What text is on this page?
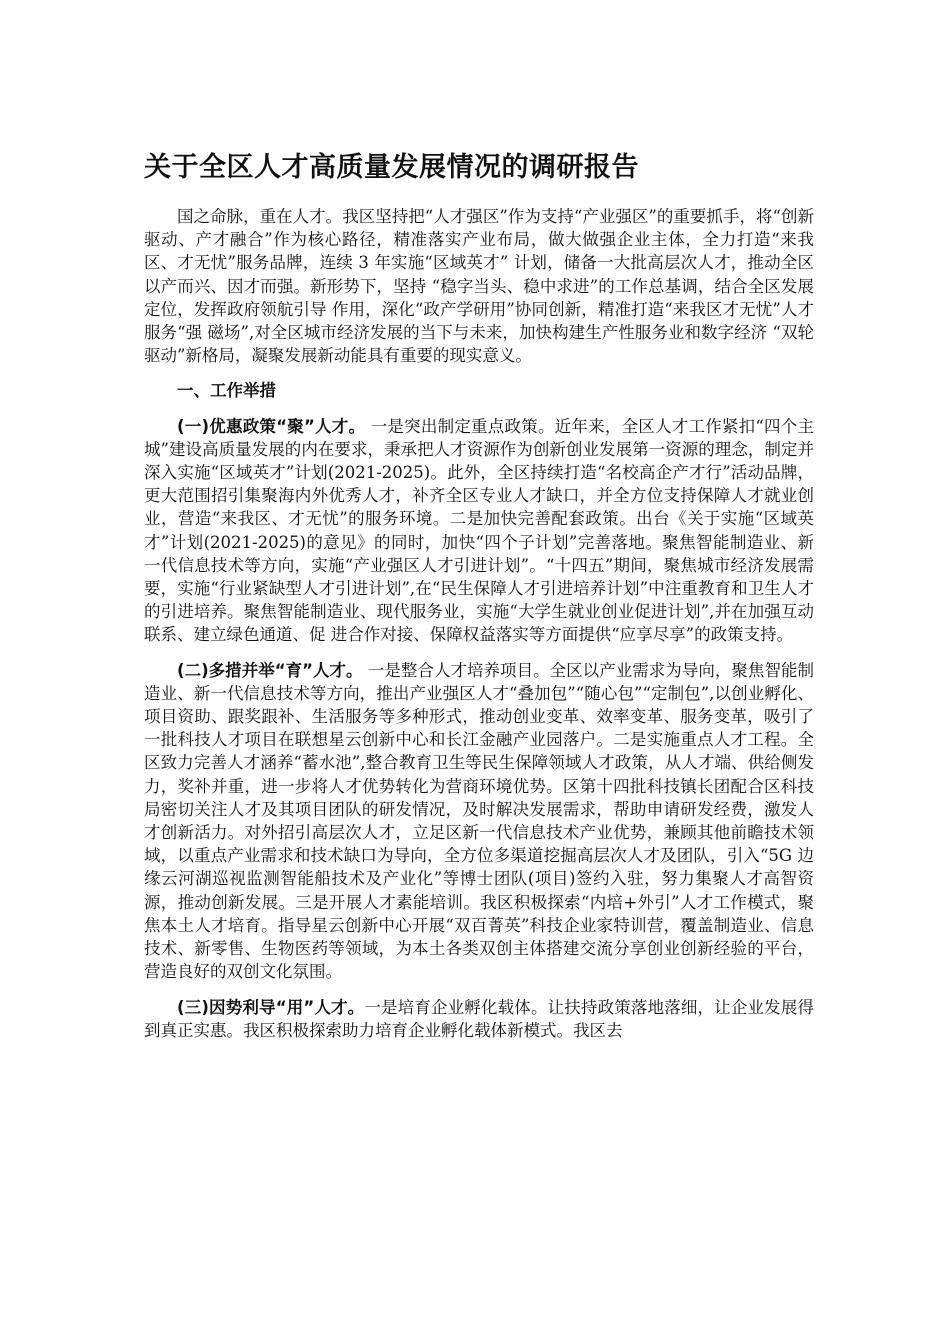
关于全区人才高质量发展情况的调研报告

国之命脉，重在人才。我区坚持把“人才强区”作为支持“产业强区”的重要抓手，将“创新驱动、产才融合”作为核心路径，精准落实产业布局，做大做强企业主体，全力打造“来我区、才无忧”服务品牌，连续 3 年实施“区域英才” 计划，储备一大批高层次人才，推动全区以产而兴、因才而强。新形势下，坚持 “稳字当头、稳中求进”的工作总基调，结合全区发展定位，发挥政府领航引导 作用，深化“政产学研用”协同创新，精准打造“来我区才无忧”人才服务“强 磁场”,对全区城市经济发展的当下与未来，加快构建生产性服务业和数字经济 “双轮驱动”新格局，凝聚发展新动能具有重要的现实意义。

一、工作举措

(一)优惠政策“聚”人才。 一是突出制定重点政策。近年来，全区人才工作紧扣“四个主城”建设高质量发展的内在要求，秉承把人才资源作为创新创业发展第一资源的理念，制定并深入实施“区域英才”计划(2021-2025)。此外，全区持续打造“名校高企产才行”活动品牌，更大范围招引集聚海内外优秀人才，补齐全区专业人才缺口，并全方位支持保障人才就业创业，营造“来我区、才无忧”的服务环境。二是加快完善配套政策。出台《关于实施“区域英才”计划(2021-2025)的意见》的同时，加快“四个子计划”完善落地。聚焦智能制造业、新一代信息技术等方向，实施“产业强区人才引进计划”。“十四五”期间，聚焦城市经济发展需要，实施“行业紧缺型人才引进计划”,在“民生保障人才引进培养计划”中注重教育和卫生人才的引进培养。聚焦智能制造业、现代服务业，实施“大学生就业创业促进计划”,并在加强互动联系、建立绿色通道、促 进合作对接、保障权益落实等方面提供“应享尽享”的政策支持。

(二)多措并举“育”人才。 一是整合人才培养项目。全区以产业需求为导向，聚焦智能制造业、新一代信息技术等方向，推出产业强区人才“叠加包”“随心包”“定制包”,以创业孵化、项目资助、跟奖跟补、生活服务等多种形式，推动创业变革、效率变革、服务变革，吸引了一批科技人才项目在联想星云创新中心和长江金融产业园落户。二是实施重点人才工程。全区致力完善人才涵养“蓄水池”,整合教育卫生等民生保障领域人才政策，从人才端、供给侧发力，奖补并重，进一步将人才优势转化为营商环境优势。区第十四批科技镇长团配合区科技局密切关注人才及其项目团队的研发情况，及时解决发展需求，帮助申请研发经费，激发人才创新活力。对外招引高层次人才，立足区新一代信息技术产业优势，兼顾其他前瞻技术领域，以重点产业需求和技术缺口为导向，全方位多渠道挖掘高层次人才及团队，引入“5G 边缘云河湖巡视监测智能船技术及产业化”等博士团队(项目)签约入驻，努力集聚人才高智资源，推动创新发展。三是开展人才素能培训。我区积极探索“内培+外引”人才工作模式，聚焦本土人才培育。指导星云创新中心开展“双百菁英”科技企业家特训营，覆盖制造业、信息技术、新零售、生物医药等领域，为本土各类双创主体搭建交流分享创业创新经验的平台，营造良好的双创文化氛围。

(三)因势利导“用”人才。一是培育企业孵化载体。让扶持政策落地落细，让企业发展得到真正实惠。我区积极探索助力培育企业孵化载体新模式。我区去
